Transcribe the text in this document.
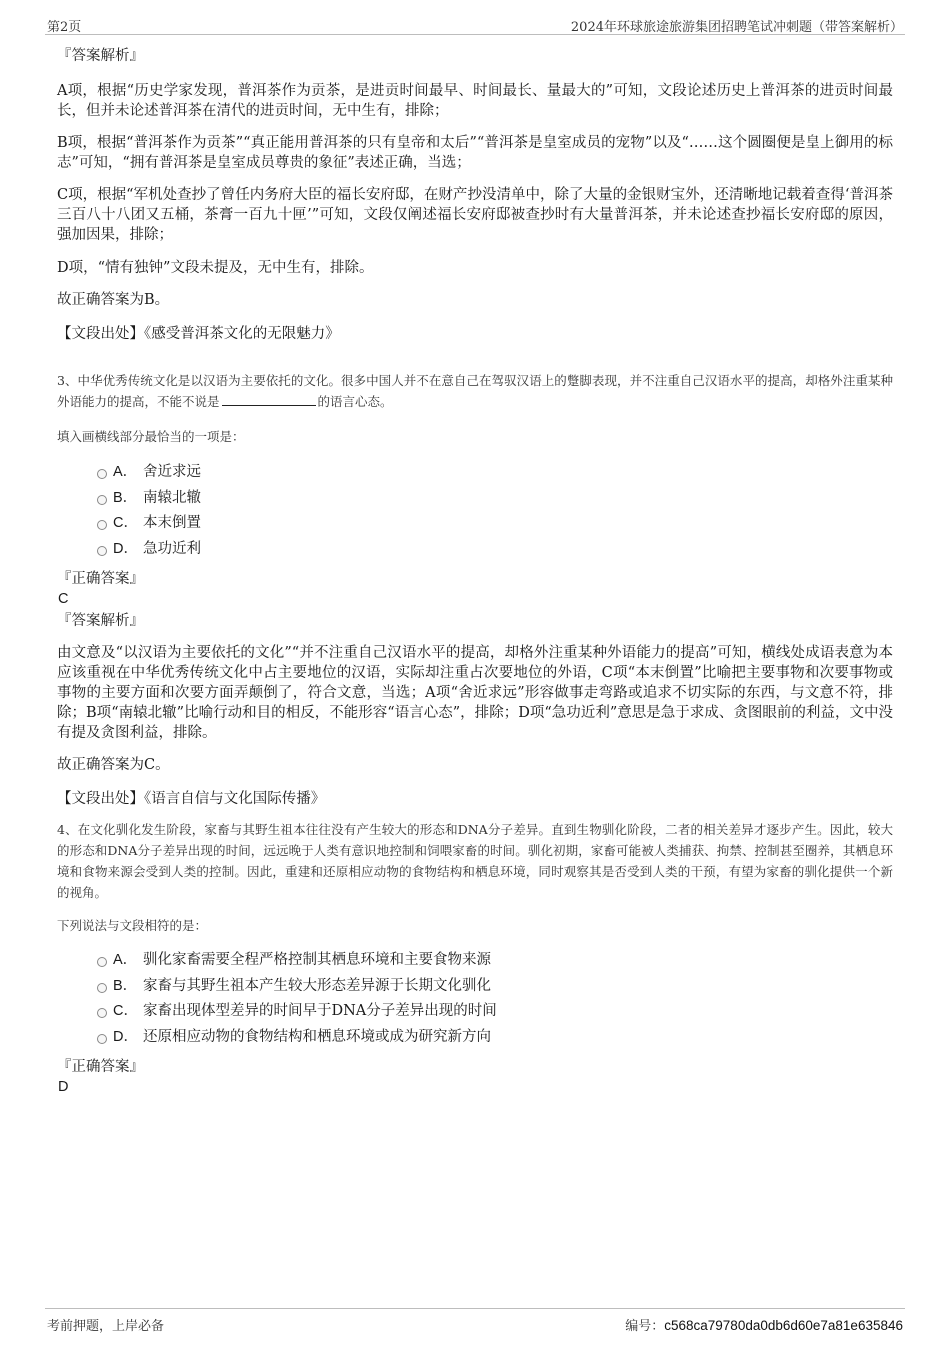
第2页	2024年环球旅途旅游集团招聘笔试冲刺题（带答案解析）

『答案解析』

A项，根据“历史学家发现，普洱茶作为贡茶，是进贡时间最早、时间最长、量最大的”可知，文段论述历史上普洱茶的进贡时间最长，但并未论述普洱茶在清代的进贡时间，无中生有，排除；

B项，根据“普洱茶作为贡茶”“真正能用普洱茶的只有皇帝和太后”“普洱茶是皇室成员的宠物”以及“……这个圆圈便是皇上御用的标志”可知，“拥有普洱茶是皇室成员尊贵的象征”表述正确，当选；

C项，根据“军机处查抄了曾任内务府大臣的福长安府邸，在财产抄没清单中，除了大量的金银财宝外，还清晰地记载着查得‘普洱茶三百八十八团又五桶，茶膏一百九十匣’”可知，文段仅阐述福长安府邸被查抄时有大量普洱茶，并未论述查抄福长安府邸的原因，强加因果，排除；

D项，“情有独钟”文段未提及，无中生有，排除。

故正确答案为B。

【文段出处】《感受普洱茶文化的无限魅力》

3、中华优秀传统文化是以汉语为主要依托的文化。很多中国人并不在意自己在驾驭汉语上的蹩脚表现，并不注重自己汉语水平的提高，却格外注重某种外语能力的提高，不能不说是	的语言心态。

填入画横线部分最恰当的一项是：

A． 舍近求远
B． 南辕北辙
C． 本末倒置
D． 急功近利

『正确答案』

C

『答案解析』

由文意及“以汉语为主要依托的文化”“并不注重自己汉语水平的提高，却格外注重某种外语能力的提高”可知，横线处成语表意为本应该重视在中华优秀传统文化中占主要地位的汉语，实际却注重占次要地位的外语，C项“本末倒置”比喻把主要事物和次要事物或事物的主要方面和次要方面弄颠倒了，符合文意，当选；A项“舍近求远”形容做事走弯路或追求不切实际的东西，与文意不符，排除；B项“南辕北辙”比喻行动和目的相反，不能形容“语言心态”，排除；D项“急功近利”意思是急于求成、贪图眼前的利益，文中没有提及贪图利益，排除。

故正确答案为C。

【文段出处】《语言自信与文化国际传播》

4、在文化驯化发生阶段，家畜与其野生祖本往往没有产生较大的形态和DNA分子差异。直到生物驯化阶段，二者的相关差异才逐步产生。因此，较大的形态和DNA分子差异出现的时间，远远晚于人类有意识地控制和饲喂家畜的时间。驯化初期，家畜可能被人类捕获、拘禁、控制甚至圈养，其栖息环境和食物来源会受到人类的控制。因此，重建和还原相应动物的食物结构和栖息环境，同时观察其是否受到人类的干预，有望为家畜的驯化提供一个新的视角。

下列说法与文段相符的是：

A． 驯化家畜需要全程严格控制其栖息环境和主要食物来源
B． 家畜与其野生祖本产生较大形态差异源于长期文化驯化
C． 家畜出现体型差异的时间早于DNA分子差异出现的时间
D． 还原相应动物的食物结构和栖息环境或成为研究新方向

『正确答案』

D

考前押题，上岸必备	编号：c568ca79780da0db6d60e7a81e635846
